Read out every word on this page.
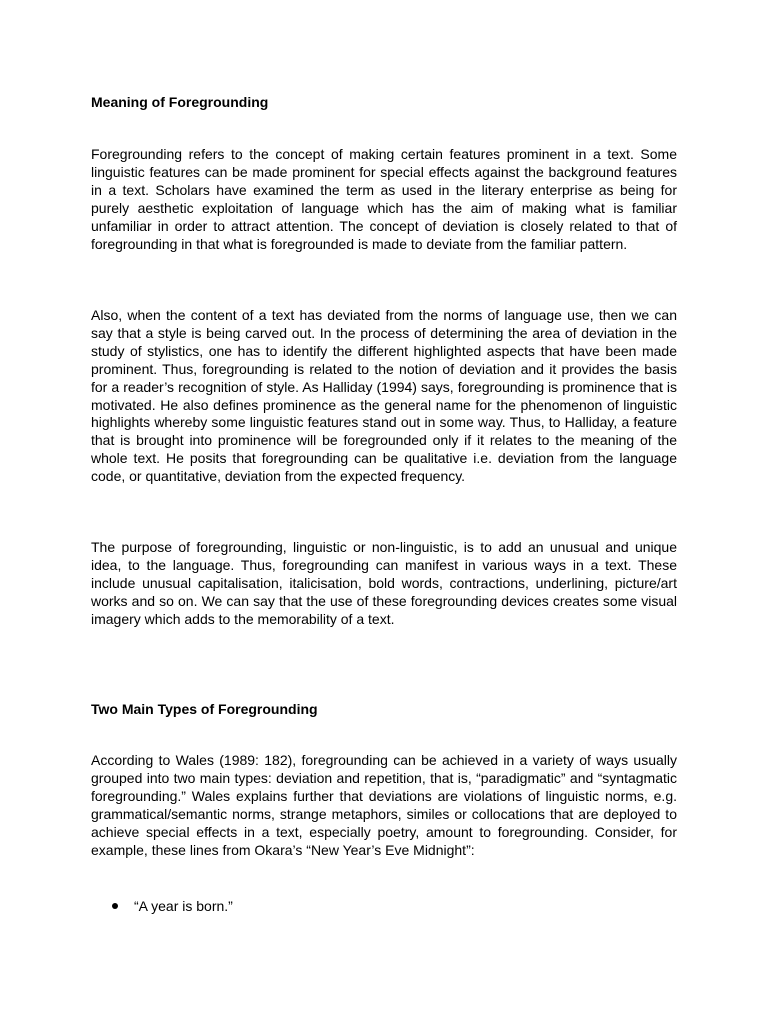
Meaning of Foregrounding

Foregrounding refers to the concept of making certain features prominent in a text. Some linguistic features can be made prominent for special effects against the background features in a text. Scholars have examined the term as used in the literary enterprise as being for purely aesthetic exploitation of language which has the aim of making what is familiar unfamiliar in order to attract attention. The concept of deviation is closely related to that of foregrounding in that what is foregrounded is made to deviate from the familiar pattern.

Also, when the content of a text has deviated from the norms of language use, then we can say that a style is being carved out. In the process of determining the area of deviation in the study of stylistics, one has to identify the different highlighted aspects that have been made prominent. Thus, foregrounding is related to the notion of deviation and it provides the basis for a reader’s recognition of style. As Halliday (1994) says, foregrounding is prominence that is motivated. He also defines prominence as the general name for the phenomenon of linguistic highlights whereby some linguistic features stand out in some way. Thus, to Halliday, a feature that is brought into prominence will be foregrounded only if it relates to the meaning of the whole text. He posits that foregrounding can be qualitative i.e. deviation from the language code, or quantitative, deviation from the expected frequency.

The purpose of foregrounding, linguistic or non-linguistic, is to add an unusual and unique idea, to the language. Thus, foregrounding can manifest in various ways in a text. These include unusual capitalisation, italicisation, bold words, contractions, underlining, picture/art works and so on. We can say that the use of these foregrounding devices creates some visual imagery which adds to the memorability of a text.

Two Main Types of Foregrounding

According to Wales (1989: 182), foregrounding can be achieved in a variety of ways usually grouped into two main types: deviation and repetition, that is, “paradigmatic” and “syntagmatic foregrounding.” Wales explains further that deviations are violations of linguistic norms, e.g. grammatical/semantic norms, strange metaphors, similes or collocations that are deployed to achieve special effects in a text, especially poetry, amount to foregrounding. Consider, for example, these lines from Okara’s “New Year’s Eve Midnight”:

“A year is born.”
